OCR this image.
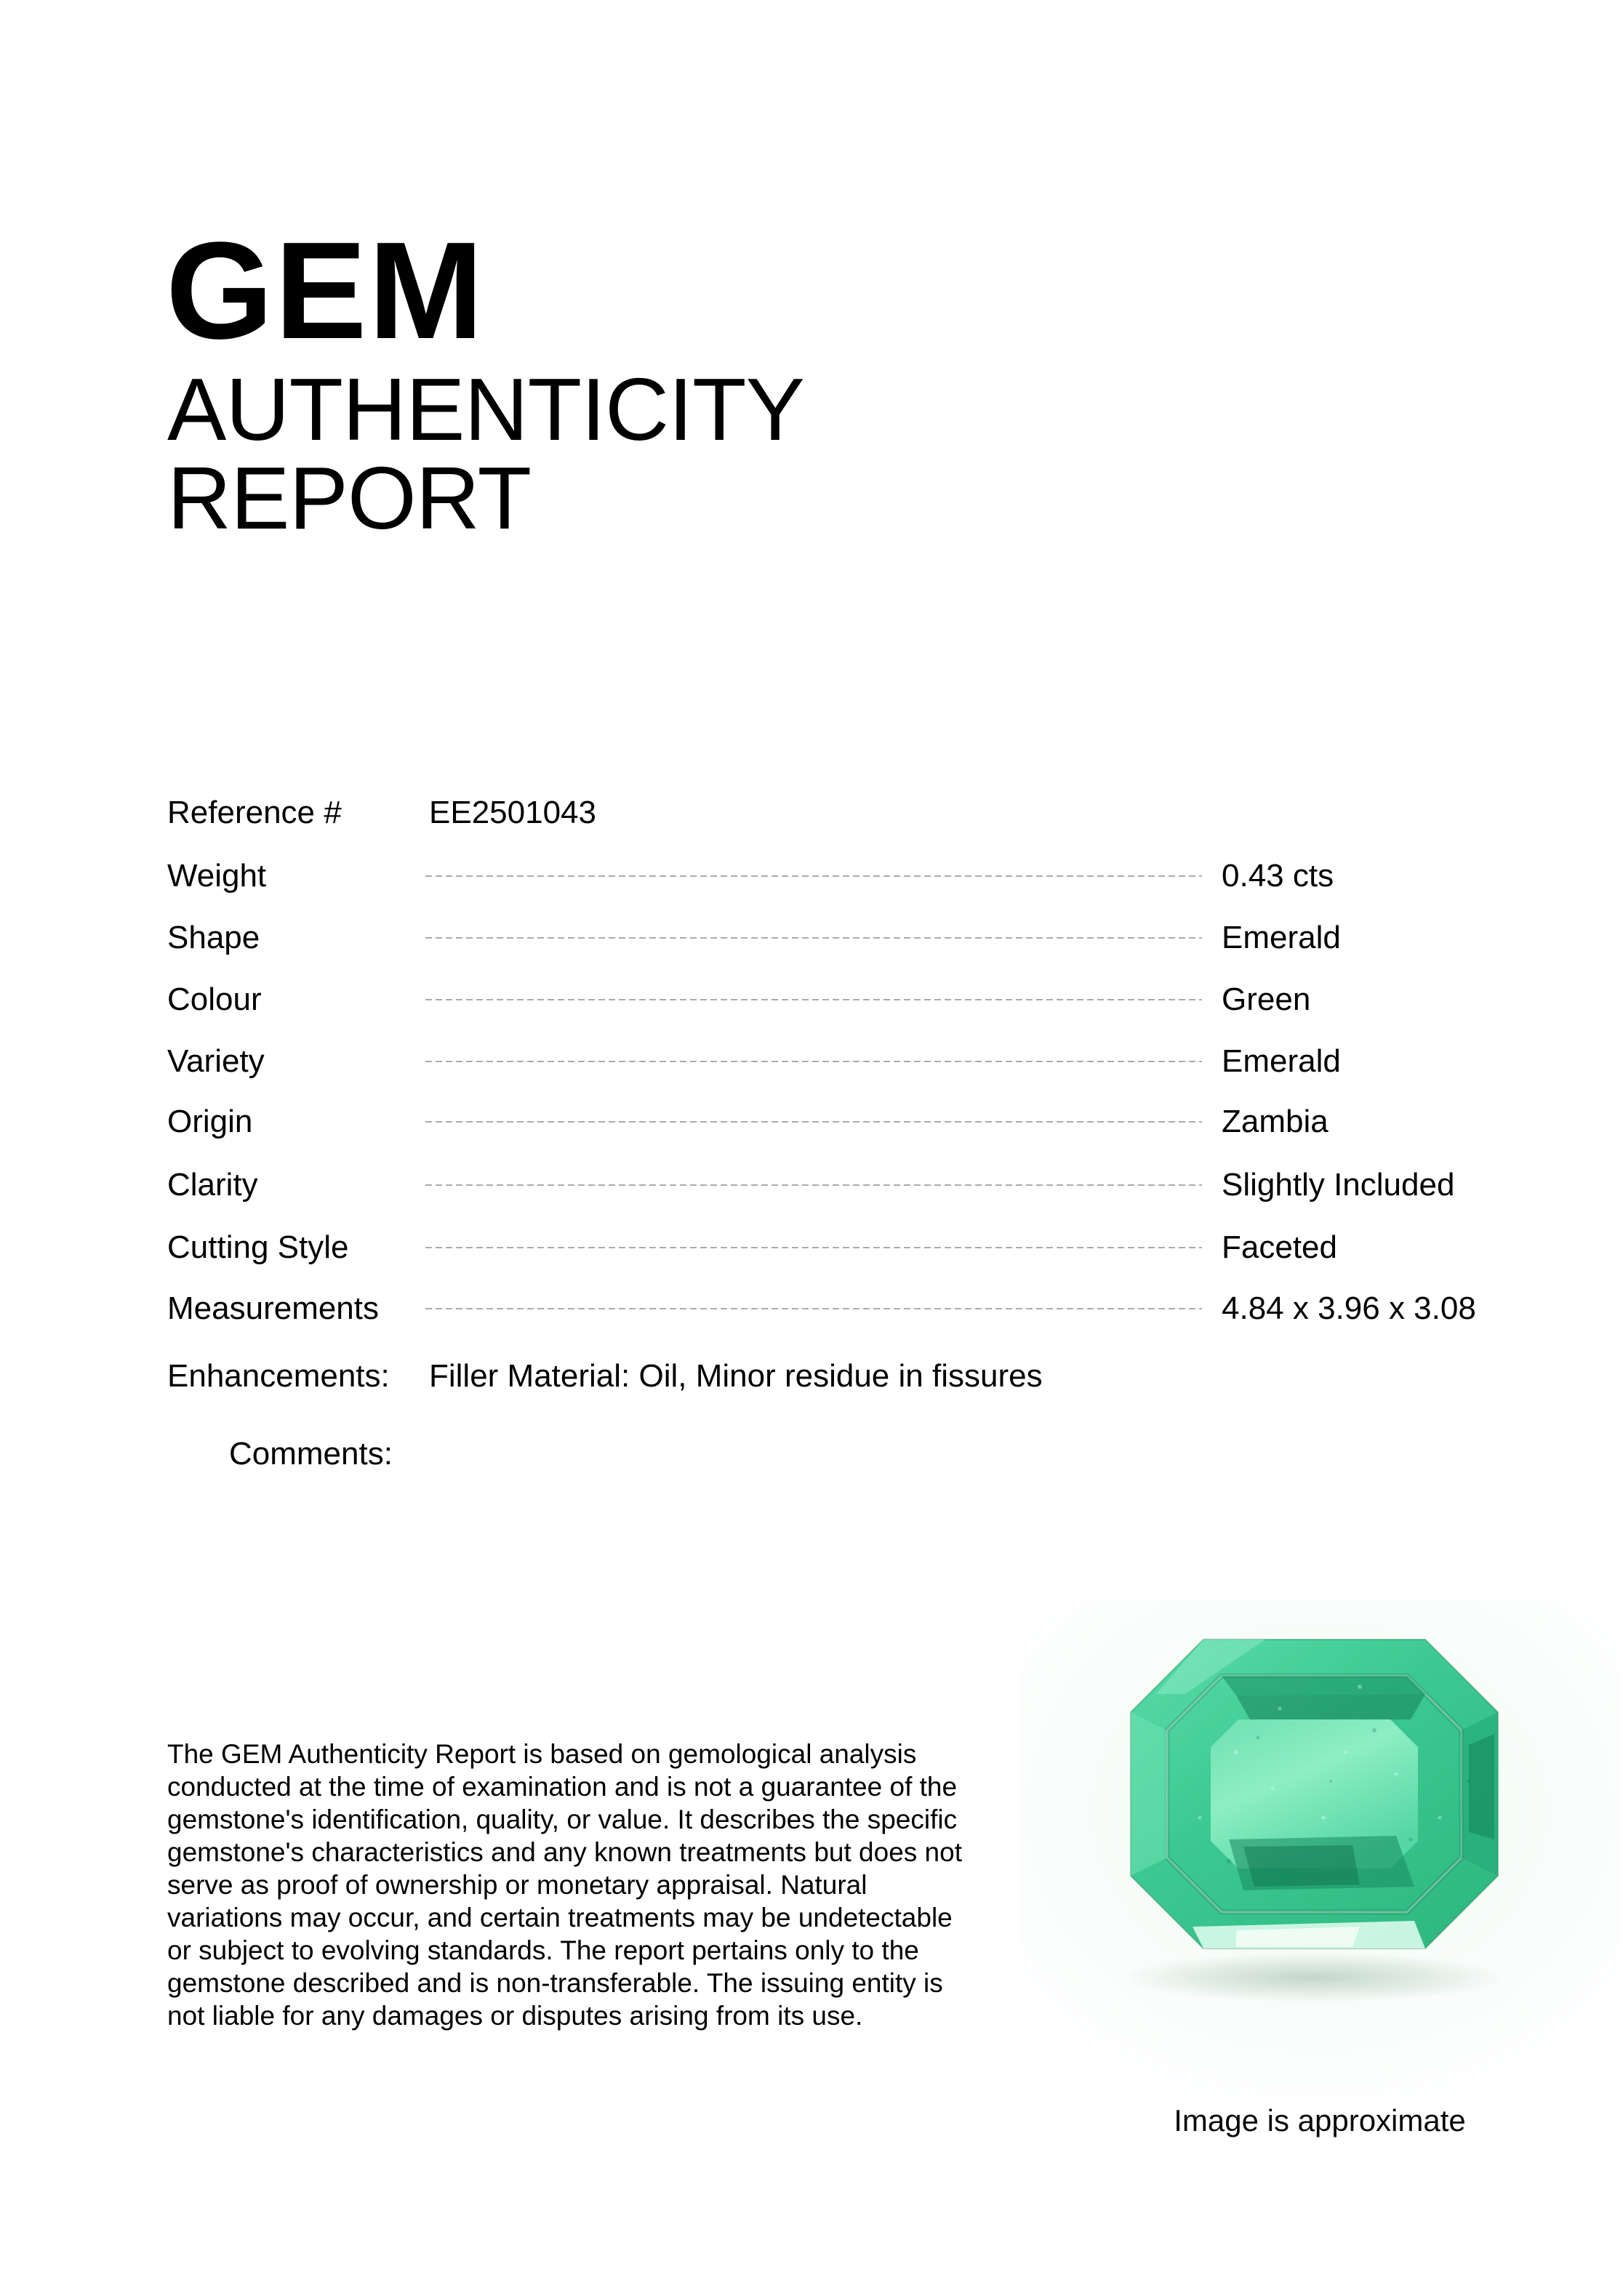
GEM
AUTHENTICITY
REPORT
Reference #	EE2501043
Weight	0.43 cts
Shape	Emerald
Colour	Green
Variety	Emerald
Origin	Zambia
Clarity	Slightly Included
Cutting Style	Faceted
Measurements	4.84 x 3.96 x 3.08
Enhancements: Filler Material: Oil, Minor residue in fissures
Comments:

The GEM Authenticity Report is based on gemological analysis conducted at the time of examination and is not a guarantee of the gemstone's identification, quality, or value. It describes the specific gemstone's characteristics and any known treatments but does not serve as proof of ownership or monetary appraisal. Natural variations may occur, and certain treatments may be undetectable or subject to evolving standards. The report pertains only to the gemstone described and is non-transferable. The issuing entity is not liable for any damages or disputes arising from its use.

Image is approximate
